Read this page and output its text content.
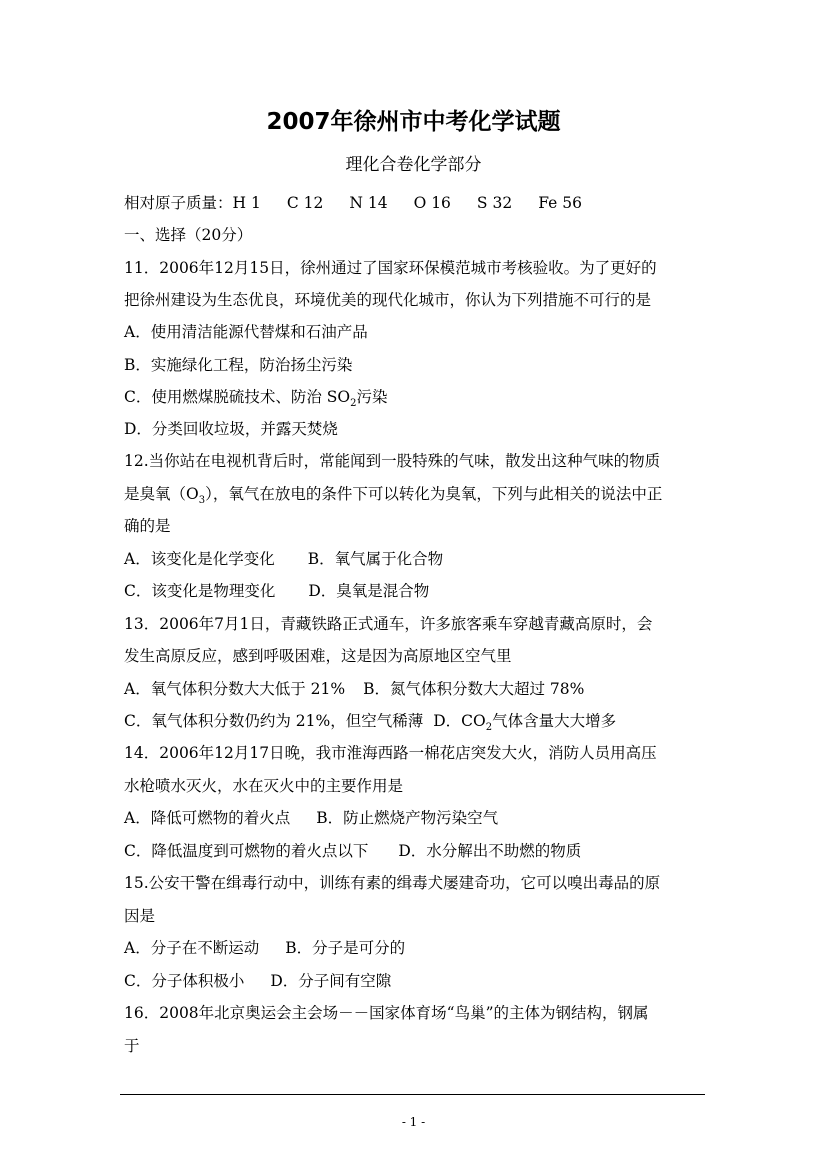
2007年徐州市中考化学试题
理化合卷化学部分
相对原子质量：H 1 C 12 N 14 O 16 S 32 Fe 56
一、选择（20分）
11．2006年12月15日，徐州通过了国家环保模范城市考核验收。为了更好的
把徐州建设为生态优良，环境优美的现代化城市，你认为下列措施不可行的是
A．使用清洁能源代替煤和石油产品
B．实施绿化工程，防治扬尘污染
C．使用燃煤脱硫技术、防治 $SO_2$污染
D．分类回收垃圾，并露天焚烧
12.当你站在电视机背后时，常能闻到一股特殊的气味，散发出这种气味的物质
是臭氧$(O_3)$，氧气在放电的条件下可以转化为臭氧，下列与此相关的说法中正
确的是
A．该变化是化学变化 B．氧气属于化合物
C．该变化是物理变化 D．臭氧是混合物
13．2006年7月1日，青藏铁路正式通车，许多旅客乘车穿越青藏高原时，会
发生高原反应，感到呼吸困难，这是因为高原地区空气里
A．氧气体积分数大大低于 21% B．氮气体积分数大大超过 78%
C．氧气体积分数仍约为 21%，但空气稀薄 D．$CO_2$气体含量大大增多
14．2006年12月17日晚，我市淮海西路一棉花店突发大火，消防人员用高压
水枪喷水灭火，水在灭火中的主要作用是
A．降低可燃物的着火点 B．防止燃烧产物污染空气
C．降低温度到可燃物的着火点以下 D．水分解出不助燃的物质
15.公安干警在缉毒行动中，训练有素的缉毒犬屡建奇功，它可以嗅出毒品的原
因是
A．分子在不断运动 B．分子是可分的
C．分子体积极小 D．分子间有空隙
16．2008年北京奥运会主会场－－国家体育场“鸟巢”的主体为钢结构，钢属
于
- 1 -
